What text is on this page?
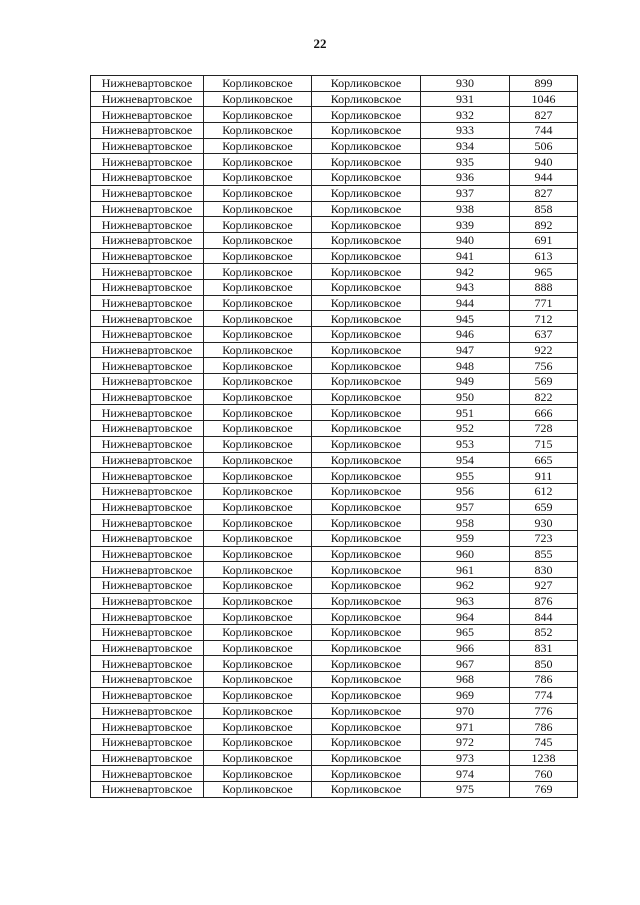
22
Нижневартовское	Корликовское	Корликовское	930	899
Нижневартовское	Корликовское	Корликовское	931	1046
Нижневартовское	Корликовское	Корликовское	932	827
Нижневартовское	Корликовское	Корликовское	933	744
Нижневартовское	Корликовское	Корликовское	934	506
Нижневартовское	Корликовское	Корликовское	935	940
Нижневартовское	Корликовское	Корликовское	936	944
Нижневартовское	Корликовское	Корликовское	937	827
Нижневартовское	Корликовское	Корликовское	938	858
Нижневартовское	Корликовское	Корликовское	939	892
Нижневартовское	Корликовское	Корликовское	940	691
Нижневартовское	Корликовское	Корликовское	941	613
Нижневартовское	Корликовское	Корликовское	942	965
Нижневартовское	Корликовское	Корликовское	943	888
Нижневартовское	Корликовское	Корликовское	944	771
Нижневартовское	Корликовское	Корликовское	945	712
Нижневартовское	Корликовское	Корликовское	946	637
Нижневартовское	Корликовское	Корликовское	947	922
Нижневартовское	Корликовское	Корликовское	948	756
Нижневартовское	Корликовское	Корликовское	949	569
Нижневартовское	Корликовское	Корликовское	950	822
Нижневартовское	Корликовское	Корликовское	951	666
Нижневартовское	Корликовское	Корликовское	952	728
Нижневартовское	Корликовское	Корликовское	953	715
Нижневартовское	Корликовское	Корликовское	954	665
Нижневартовское	Корликовское	Корликовское	955	911
Нижневартовское	Корликовское	Корликовское	956	612
Нижневартовское	Корликовское	Корликовское	957	659
Нижневартовское	Корликовское	Корликовское	958	930
Нижневартовское	Корликовское	Корликовское	959	723
Нижневартовское	Корликовское	Корликовское	960	855
Нижневартовское	Корликовское	Корликовское	961	830
Нижневартовское	Корликовское	Корликовское	962	927
Нижневартовское	Корликовское	Корликовское	963	876
Нижневартовское	Корликовское	Корликовское	964	844
Нижневартовское	Корликовское	Корликовское	965	852
Нижневартовское	Корликовское	Корликовское	966	831
Нижневартовское	Корликовское	Корликовское	967	850
Нижневартовское	Корликовское	Корликовское	968	786
Нижневартовское	Корликовское	Корликовское	969	774
Нижневартовское	Корликовское	Корликовское	970	776
Нижневартовское	Корликовское	Корликовское	971	786
Нижневартовское	Корликовское	Корликовское	972	745
Нижневартовское	Корликовское	Корликовское	973	1238
Нижневартовское	Корликовское	Корликовское	974	760
Нижневартовское	Корликовское	Корликовское	975	769
